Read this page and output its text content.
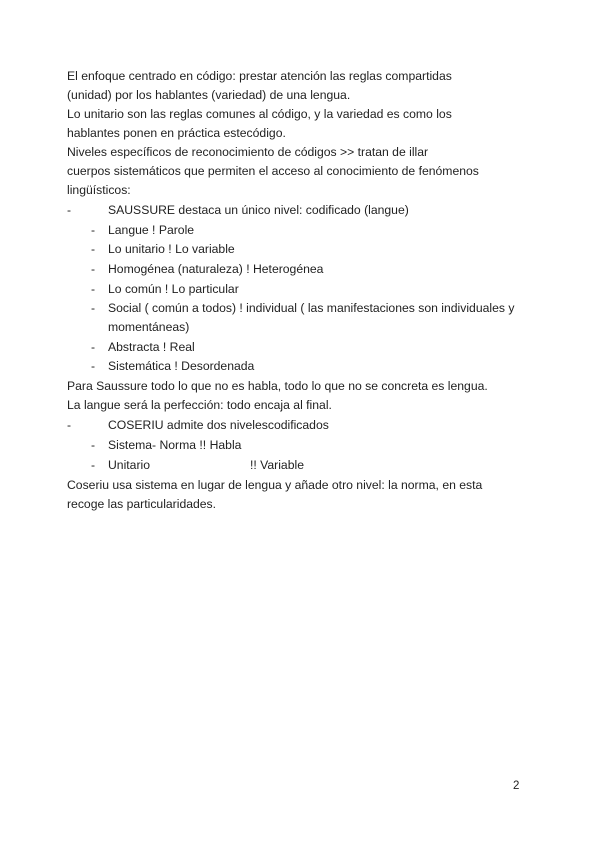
El enfoque centrado en código: prestar atención las reglas compartidas
(unidad) por los hablantes (variedad) de una lengua.
Lo unitario son las reglas comunes al código, y la variedad es como los
hablantes ponen en práctica estecódigo.
Niveles específicos de reconocimiento de códigos >> tratan de illar
cuerpos sistemáticos que permiten el acceso al conocimiento de fenómenos
lingüísticos:
-	SAUSSURE destaca un único nivel: codificado (langue)
- Langue ! Parole
- Lo unitario ! Lo variable
- Homogénea (naturaleza) ! Heterogénea
- Lo común ! Lo particular
- Social ( común a todos) ! individual ( las manifestaciones son individuales y
momentáneas)
- Abstracta ! Real
- Sistemática ! Desordenada
Para Saussure todo lo que no es habla, todo lo que no se concreta es lengua.
La langue será la perfección: todo encaja al final.
-	COSERIU admite dos nivelescodificados
- Sistema- Norma !! Habla
- Unitario	!! Variable
Coseriu usa sistema en lugar de lengua y añade otro nivel: la norma, en esta
recoge las particularidades.
2
